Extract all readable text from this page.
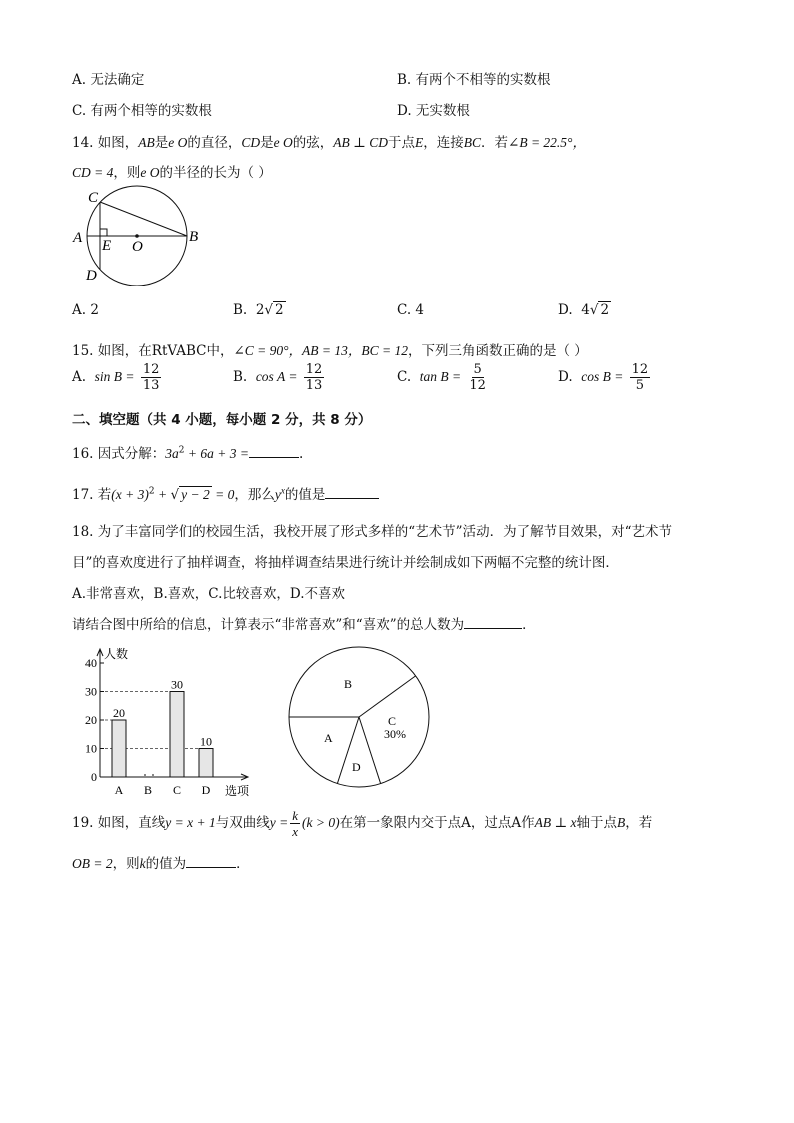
A. 无法确定	B. 有两个不相等的实数根
C. 有两个相等的实数根	D. 无实数根
14. 如图，AB是e O的直径，CD是e O的弦，AB ⊥ CD于点E，连接BC．若∠B = 22.5°，
CD = 4，则e O的半径的长为（ ）
C
A E O
B
D
A. 2	B. 2√ 2	C. 4	D. 4√ 2
15. 如图，在RtVABC中，∠C = 90°，AB = 13，BC = 12，下列三角函数正确的是（ ）
A. $\sin B = \frac{12}{13}$	B. $\cos A = \frac{12}{13}$	C. $\tan B = \frac{5}{12}$	D. $\cos B = \frac{12}{5}$
二、填空题（共 4 小题，每小题 2 分，共 8 分）
16. 因式分解：$3a^2 + 6a + 3$ =	.
17. 若$(x + 3)^2$ + √ y − 2 = 0，那么$y^x$的值是
18. 为了丰富同学们的校园生活，我校开展了形式多样的“艺术节”活动．为了解节目效果，对“艺术节
目”的喜欢度进行了抽样调查，将抽样调查结果进行统计并绘制成如下两幅不完整的统计图．
A.非常喜欢，B.喜欢，C.比较喜欢，D.不喜欢
请结合图中所给的信息，计算表示“非常喜欢”和“喜欢”的总人数为	．
20
A B
30
C
10
D
0
10
20
30
40
人数
选项
B
C
30%
D
A
19. 如图，直线y = x + 1与双曲线$y = \frac{k}{x} (k > 0)$在第一象限内交于点A，过点A作AB ⊥ x轴于点B，若
OB = 2，则k的值为	．
